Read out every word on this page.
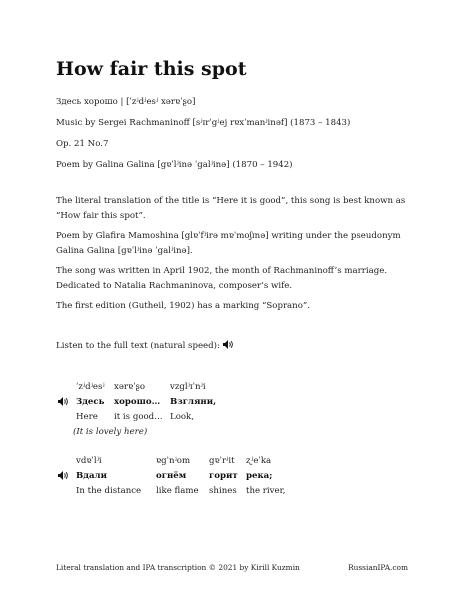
How fair this spot
Здесь хорошо | [ˈzʲdʲesʲ xərɐˈʂo]
Music by Sergei Rachmaninoff [sʲɪrˈgʲej rɐxˈmanʲinəf] (1873 – 1843)
Op. 21 No.7
Poem by Galina Galina [gɐˈlʲinə ˈgalʲinə] (1870 – 1942)

The literal translation of the title is “Here it is good”, this song is best known as “How fair this spot”.

Poem by Glafira Mamoshina [glɐˈfʲirə mɐˈmoʃɪnə] writing under the pseudonym Galina Galina [gɐˈlʲinə ˈgalʲinə].

The song was written in April 1902, the month of Rachmaninoff’s marriage. Dedicated to Natalia Rachmaninova, composer’s wife.

The first edition (Gutheil, 1902) has a marking “Soprano”.

Listen to the full text (natural speed):
ˈzʲdʲesʲ
Здесь
Here
xərɐˈʂo
хорошо…
it is good…
vzglʲɪˈnʲi
Взгляни,
Look,
(It is lovely here)
vdɐˈlʲi
Вдали
In the distance
ɐgˈnʲom
огнём
like flame
gɐˈrʲit
горит
shines
ʐʲeˈka
река;
the river,
Literal translation and IPA transcription © 2021 by Kirill Kuzmin	RussianIPA.com
